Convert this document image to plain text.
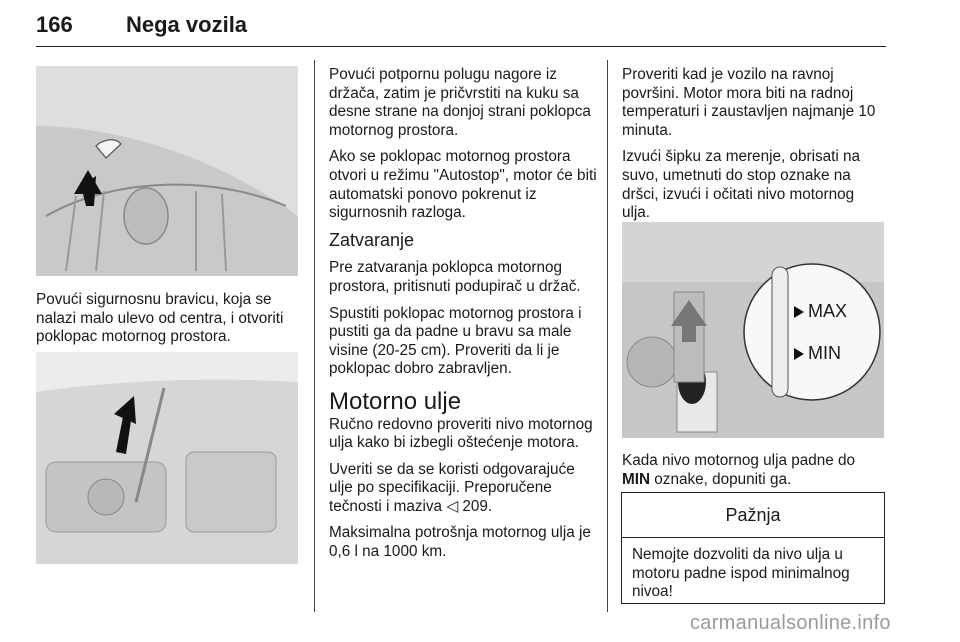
166 Nega vozila

Povući sigurnosnu bravicu, koja se nalazi malo ulevo od centra, i otvoriti poklopac motornog prostora.

Povući potpornu polugu nagore iz držača, zatim je pričvrstiti na kuku sa desne strane na donjoj strani poklopca motornog prostora.

Ako se poklopac motornog prostora otvori u režimu "Autostop", motor će biti automatski ponovo pokrenut iz sigurnosnih razloga.

Zatvaranje

Pre zatvaranja poklopca motornog prostora, pritisnuti podupirač u držač.

Spustiti poklopac motornog prostora i pustiti ga da padne u bravu sa male visine (20-25 cm). Proveriti da li je poklopac dobro zabravljen.

Motorno ulje

Ručno redovno proveriti nivo motornog ulja kako bi izbegli oštećenje motora.

Uveriti se da se koristi odgovarajuće ulje po specifikaciji. Preporučene tečnosti i maziva ◁ 209.

Maksimalna potrošnja motornog ulja je 0,6 l na 1000 km.

Proveriti kad je vozilo na ravnoj površini. Motor mora biti na radnoj temperaturi i zaustavljen najmanje 10 minuta.

Izvući šipku za merenje, obrisati na suvo, umetnuti do stop oznake na dršci, izvući i očitati nivo motornog ulja.

MAX
MIN

Kada nivo motornog ulja padne do MIN oznake, dopuniti ga.

Pažnja
Nemojte dozvoliti da nivo ulja u motoru padne ispod minimalnog nivoa!
carmanualsonline.info
